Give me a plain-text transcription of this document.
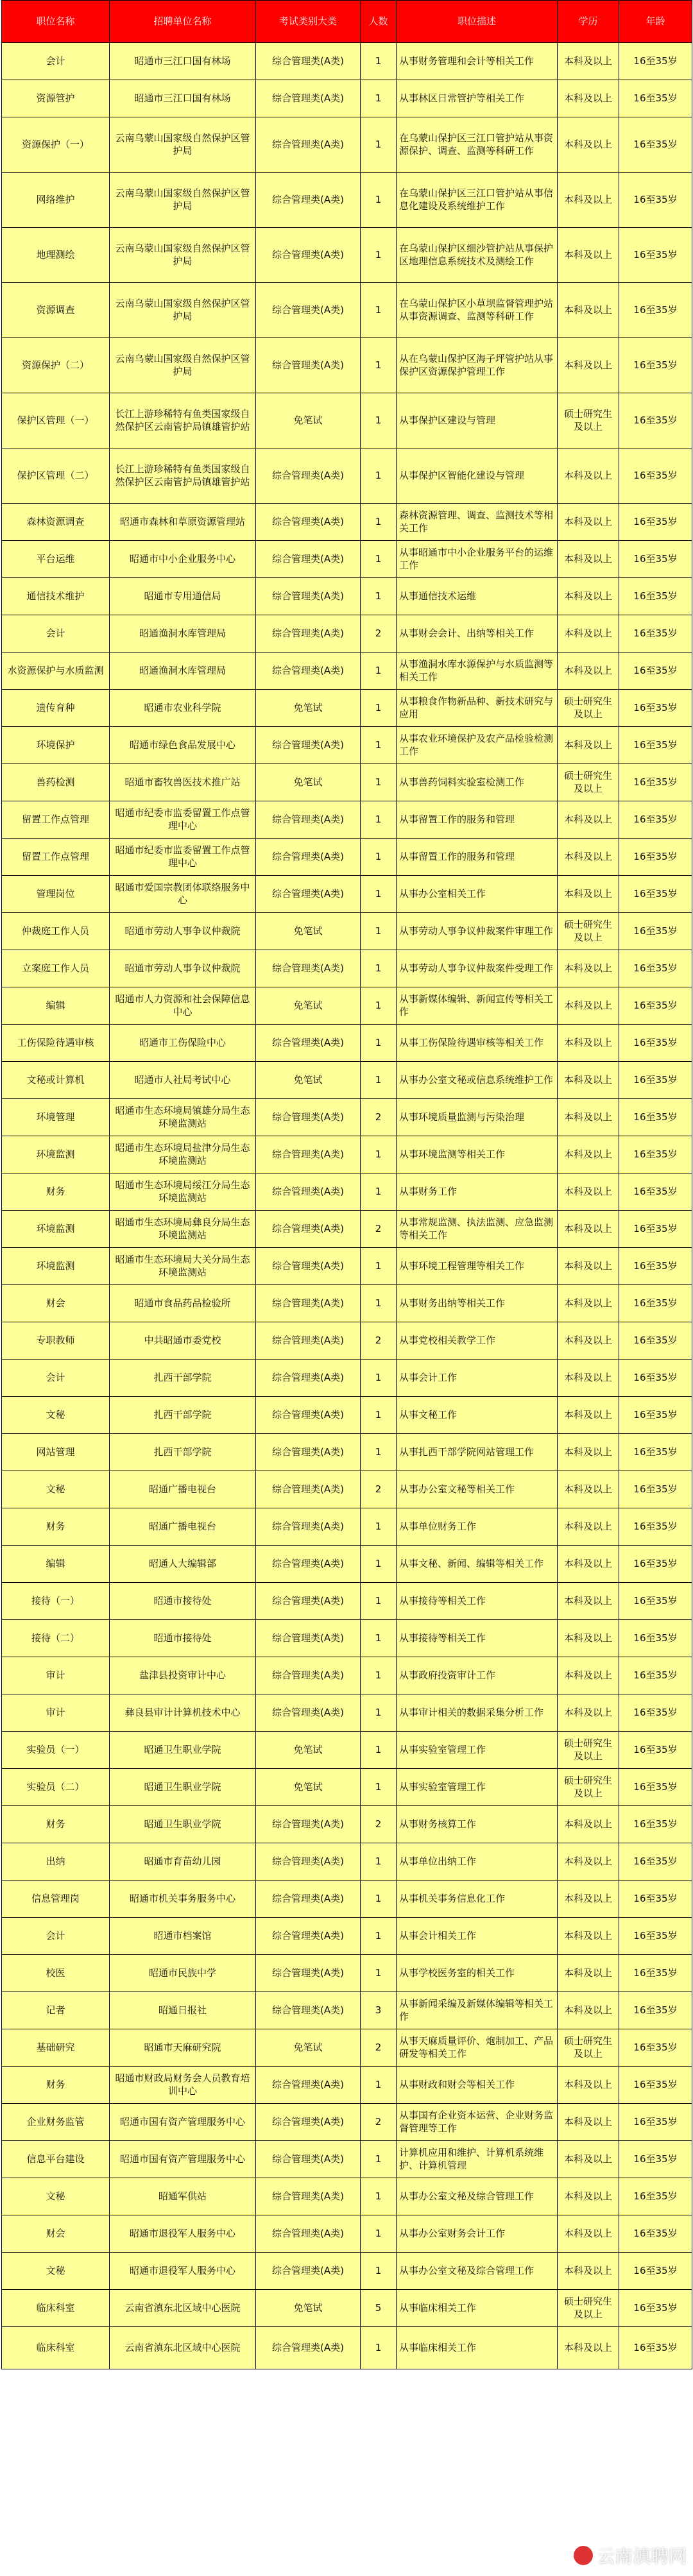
职位名称	招聘单位名称	考试类别大类	人数	职位描述	学历	年龄
会计	昭通市三江口国有林场	综合管理类(A类)	1	从事财务管理和会计等相关工作	本科及以上	16至35岁
资源管护	昭通市三江口国有林场	综合管理类(A类)	1	从事林区日常管护等相关工作	本科及以上	16至35岁
资源保护（一）	云南乌蒙山国家级自然保护区管护局	综合管理类(A类)	1	在乌蒙山保护区三江口管护站从事资源保护、调查、监测等科研工作	本科及以上	16至35岁
网络维护	云南乌蒙山国家级自然保护区管护局	综合管理类(A类)	1	在乌蒙山保护区三江口管护站从事信息化建设及系统维护工作	本科及以上	16至35岁
地理测绘	云南乌蒙山国家级自然保护区管护局	综合管理类(A类)	1	在乌蒙山保护区细沙管护站从事保护区地理信息系统技术及测绘工作	本科及以上	16至35岁
资源调查	云南乌蒙山国家级自然保护区管护局	综合管理类(A类)	1	在乌蒙山保护区小草坝监督管理护站从事资源调查、监测等科研工作	本科及以上	16至35岁
资源保护（二）	云南乌蒙山国家级自然保护区管护局	综合管理类(A类)	1	从在乌蒙山保护区海子坪管护站从事保护区资源保护管理工作	本科及以上	16至35岁
保护区管理（一）	长江上游珍稀特有鱼类国家级自然保护区云南管护局镇雄管护站	免笔试	1	从事保护区建设与管理	硕士研究生及以上	16至35岁
保护区管理（二）	长江上游珍稀特有鱼类国家级自然保护区云南管护局镇雄管护站	综合管理类(A类)	1	从事保护区智能化建设与管理	本科及以上	16至35岁
森林资源调查	昭通市森林和草原资源管理站	综合管理类(A类)	1	森林资源管理、调查、监测技术等相关工作	本科及以上	16至35岁
平台运维	昭通市中小企业服务中心	综合管理类(A类)	1	从事昭通市中小企业服务平台的运维工作	本科及以上	16至35岁
通信技术维护	昭通市专用通信局	综合管理类(A类)	1	从事通信技术运维	本科及以上	16至35岁
会计	昭通渔洞水库管理局	综合管理类(A类)	2	从事财会会计、出纳等相关工作	本科及以上	16至35岁
水资源保护与水质监测	昭通渔洞水库管理局	综合管理类(A类)	1	从事渔洞水库水源保护与水质监测等相关工作	本科及以上	16至35岁
遗传育种	昭通市农业科学院	免笔试	1	从事粮食作物新品种、新技术研究与应用	硕士研究生及以上	16至35岁
环境保护	昭通市绿色食品发展中心	综合管理类(A类)	1	从事农业环境保护及农产品检验检测工作	本科及以上	16至35岁
兽药检测	昭通市畜牧兽医技术推广站	免笔试	1	从事兽药饲料实验室检测工作	硕士研究生及以上	16至35岁
留置工作点管理	昭通市纪委市监委留置工作点管理中心	综合管理类(A类)	1	从事留置工作的服务和管理	本科及以上	16至35岁
留置工作点管理	昭通市纪委市监委留置工作点管理中心	综合管理类(A类)	1	从事留置工作的服务和管理	本科及以上	16至35岁
管理岗位	昭通市爱国宗教团体联络服务中心	综合管理类(A类)	1	从事办公室相关工作	本科及以上	16至35岁
仲裁庭工作人员	昭通市劳动人事争议仲裁院	免笔试	1	从事劳动人事争议仲裁案件审理工作	硕士研究生及以上	16至35岁
立案庭工作人员	昭通市劳动人事争议仲裁院	综合管理类(A类)	1	从事劳动人事争议仲裁案件受理工作	本科及以上	16至35岁
编辑	昭通市人力资源和社会保障信息中心	免笔试	1	从事新媒体编辑、新闻宣传等相关工作	本科及以上	16至35岁
工伤保险待遇审核	昭通市工伤保险中心	综合管理类(A类)	1	从事工伤保险待遇审核等相关工作	本科及以上	16至35岁
文秘或计算机	昭通市人社局考试中心	免笔试	1	从事办公室文秘或信息系统维护工作	本科及以上	16至35岁
环境管理	昭通市生态环境局镇雄分局生态环境监测站	综合管理类(A类)	2	从事环境质量监测与污染治理	本科及以上	16至35岁
环境监测	昭通市生态环境局盐津分局生态环境监测站	综合管理类(A类)	1	从事环境监测等相关工作	本科及以上	16至35岁
财务	昭通市生态环境局绥江分局生态环境监测站	综合管理类(A类)	1	从事财务工作	本科及以上	16至35岁
环境监测	昭通市生态环境局彝良分局生态环境监测站	综合管理类(A类)	2	从事常规监测、执法监测、应急监测等相关工作	本科及以上	16至35岁
环境监测	昭通市生态环境局大关分局生态环境监测站	综合管理类(A类)	1	从事环境工程管理等相关工作	本科及以上	16至35岁
财会	昭通市食品药品检验所	综合管理类(A类)	1	从事财务出纳等相关工作	本科及以上	16至35岁
专职教师	中共昭通市委党校	综合管理类(A类)	2	从事党校相关教学工作	本科及以上	16至35岁
会计	扎西干部学院	综合管理类(A类)	1	从事会计工作	本科及以上	16至35岁
文秘	扎西干部学院	综合管理类(A类)	1	从事文秘工作	本科及以上	16至35岁
网站管理	扎西干部学院	综合管理类(A类)	1	从事扎西干部学院网站管理工作	本科及以上	16至35岁
文秘	昭通广播电视台	综合管理类(A类)	2	从事办公室文秘等相关工作	本科及以上	16至35岁
财务	昭通广播电视台	综合管理类(A类)	1	从事单位财务工作	本科及以上	16至35岁
编辑	昭通人大编辑部	综合管理类(A类)	1	从事文秘、新闻、编辑等相关工作	本科及以上	16至35岁
接待（一）	昭通市接待处	综合管理类(A类)	1	从事接待等相关工作	本科及以上	16至35岁
接待（二）	昭通市接待处	综合管理类(A类)	1	从事接待等相关工作	本科及以上	16至35岁
审计	盐津县投资审计中心	综合管理类(A类)	1	从事政府投资审计工作	本科及以上	16至35岁
审计	彝良县审计计算机技术中心	综合管理类(A类)	1	从事审计相关的数据采集分析工作	本科及以上	16至35岁
实验员（一）	昭通卫生职业学院	免笔试	1	从事实验室管理工作	硕士研究生及以上	16至35岁
实验员（二）	昭通卫生职业学院	免笔试	1	从事实验室管理工作	硕士研究生及以上	16至35岁
财务	昭通卫生职业学院	综合管理类(A类)	2	从事财务核算工作	本科及以上	16至35岁
出纳	昭通市育苗幼儿园	综合管理类(A类)	1	从事单位出纳工作	本科及以上	16至35岁
信息管理岗	昭通市机关事务服务中心	综合管理类(A类)	1	从事机关事务信息化工作	本科及以上	16至35岁
会计	昭通市档案馆	综合管理类(A类)	1	从事会计相关工作	本科及以上	16至35岁
校医	昭通市民族中学	综合管理类(A类)	1	从事学校医务室的相关工作	本科及以上	16至35岁
记者	昭通日报社	综合管理类(A类)	3	从事新闻采编及新媒体编辑等相关工作	本科及以上	16至35岁
基础研究	昭通市天麻研究院	免笔试	2	从事天麻质量评价、炮制加工、产品研发等相关工作	硕士研究生及以上	16至35岁
财务	昭通市财政局财务会人员教育培训中心	综合管理类(A类)	1	从事财政和财会等相关工作	本科及以上	16至35岁
企业财务监管	昭通市国有资产管理服务中心	综合管理类(A类)	2	从事国有企业资本运营、企业财务监督管理等工作	本科及以上	16至35岁
信息平台建设	昭通市国有资产管理服务中心	综合管理类(A类)	1	计算机应用和维护、计算机系统维护、计算机管理	本科及以上	16至35岁
文秘	昭通军供站	综合管理类(A类)	1	从事办公室文秘及综合管理工作	本科及以上	16至35岁
财会	昭通市退役军人服务中心	综合管理类(A类)	1	从事办公室财务会计工作	本科及以上	16至35岁
文秘	昭通市退役军人服务中心	综合管理类(A类)	1	从事办公室文秘及综合管理工作	本科及以上	16至35岁
临床科室	云南省滇东北区域中心医院	免笔试	5	从事临床相关工作	硕士研究生及以上	16至35岁
临床科室	云南省滇东北区域中心医院	综合管理类(A类)	1	从事临床相关工作	本科及以上	16至35岁
云南滇聘网
